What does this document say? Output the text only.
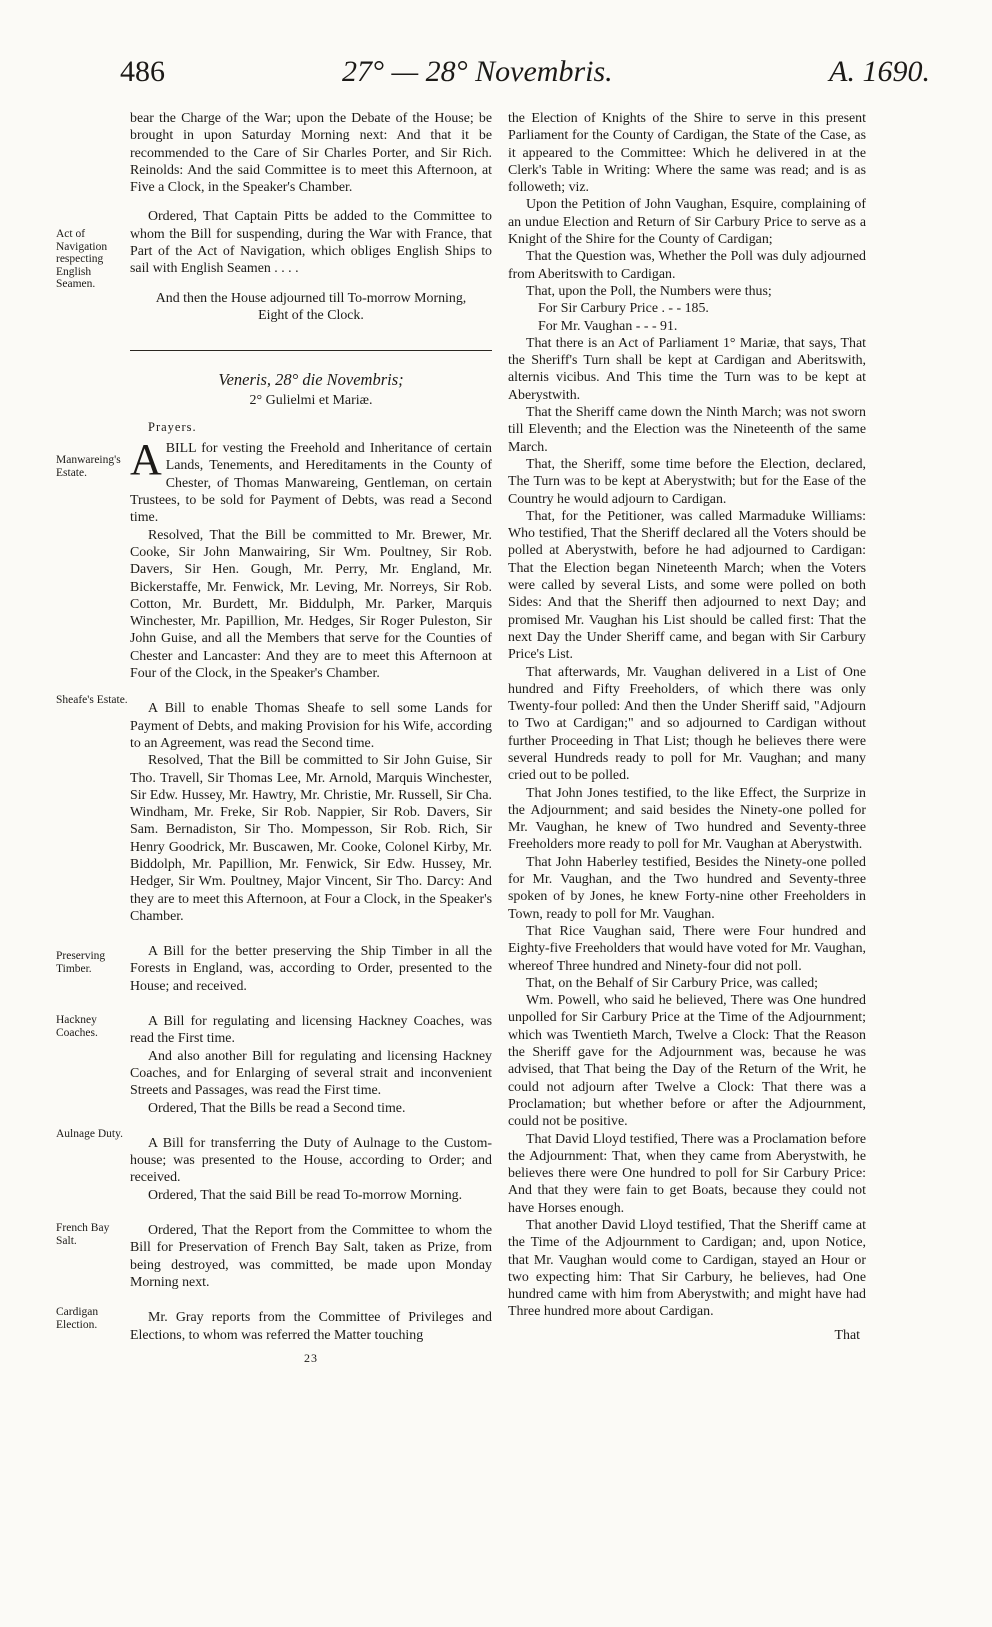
486	27° — 28° Novembris.	A. 1690.
Act of Navigation respecting English Seamen.
Manwareing's Estate.
Sheafe's Estate.
Preserving Timber.
Hackney Coaches.
Aulnage Duty.
French Bay Salt.
Cardigan Election.

bear the Charge of the War; upon the Debate of the House; be brought in upon Saturday Morning next: And that it be recommended to the Care of Sir Charles Porter, and Sir Rich. Reinolds: And the said Committee is to meet this Afternoon, at Five a Clock, in the Speaker's Chamber.

Ordered, That Captain Pitts be added to the Committee to whom the Bill for suspending, during the War with France, that Part of the Act of Navigation, which obliges English Ships to sail with English Seamen . . . .

And then the House adjourned till To-morrow Morning, Eight of the Clock.

Veneris, 28° die Novembris;
2° Gulielmi et Mariæ.

Prayers.

ABILL for vesting the Freehold and Inheritance of certain Lands, Tenements, and Hereditaments in the County of Chester, of Thomas Manwareing, Gentleman, on certain Trustees, to be sold for Payment of Debts, was read a Second time.

Resolved, That the Bill be committed to Mr. Brewer, Mr. Cooke, Sir John Manwairing, Sir Wm. Poultney, Sir Rob. Davers, Sir Hen. Gough, Mr. Perry, Mr. England, Mr. Bickerstaffe, Mr. Fenwick, Mr. Leving, Mr. Norreys, Sir Rob. Cotton, Mr. Burdett, Mr. Biddulph, Mr. Parker, Marquis Winchester, Mr. Papillion, Mr. Hedges, Sir Roger Puleston, Sir John Guise, and all the Members that serve for the Counties of Chester and Lancaster: And they are to meet this Afternoon at Four of the Clock, in the Speaker's Chamber.

A Bill to enable Thomas Sheafe to sell some Lands for Payment of Debts, and making Provision for his Wife, according to an Agreement, was read the Second time.

Resolved, That the Bill be committed to Sir John Guise, Sir Tho. Travell, Sir Thomas Lee, Mr. Arnold, Marquis Winchester, Sir Edw. Hussey, Mr. Hawtry, Mr. Christie, Mr. Russell, Sir Cha. Windham, Mr. Freke, Sir Rob. Nappier, Sir Rob. Davers, Sir Sam. Bernadiston, Sir Tho. Mompesson, Sir Rob. Rich, Sir Henry Goodrick, Mr. Buscawen, Mr. Cooke, Colonel Kirby, Mr. Biddolph, Mr. Papillion, Mr. Fenwick, Sir Edw. Hussey, Mr. Hedger, Sir Wm. Poultney, Major Vincent, Sir Tho. Darcy: And they are to meet this Afternoon, at Four a Clock, in the Speaker's Chamber.

A Bill for the better preserving the Ship Timber in all the Forests in England, was, according to Order, presented to the House; and received.

A Bill for regulating and licensing Hackney Coaches, was read the First time.

And also another Bill for regulating and licensing Hackney Coaches, and for Enlarging of several strait and inconvenient Streets and Passages, was read the First time.

Ordered, That the Bills be read a Second time.

A Bill for transferring the Duty of Aulnage to the Custom-house; was presented to the House, according to Order; and received.

Ordered, That the said Bill be read To-morrow Morning.

Ordered, That the Report from the Committee to whom the Bill for Preservation of French Bay Salt, taken as Prize, from being destroyed, was committed, be made upon Monday Morning next.

Mr. Gray reports from the Committee of Privileges and Elections, to whom was referred the Matter touching

23

the Election of Knights of the Shire to serve in this present Parliament for the County of Cardigan, the State of the Case, as it appeared to the Committee: Which he delivered in at the Clerk's Table in Writing: Where the same was read; and is as followeth; viz.

Upon the Petition of John Vaughan, Esquire, complaining of an undue Election and Return of Sir Carbury Price to serve as a Knight of the Shire for the County of Cardigan;

That the Question was, Whether the Poll was duly adjourned from Aberitswith to Cardigan.

That, upon the Poll, the Numbers were thus;

For Sir Carbury Price . - - 185.

For Mr. Vaughan - - - 91.

That there is an Act of Parliament 1° Mariæ, that says, That the Sheriff's Turn shall be kept at Cardigan and Aberitswith, alternis vicibus. And This time the Turn was to be kept at Aberystwith.

That the Sheriff came down the Ninth March; was not sworn till Eleventh; and the Election was the Nineteenth of the same March.

That, the Sheriff, some time before the Election, declared, The Turn was to be kept at Aberystwith; but for the Ease of the Country he would adjourn to Cardigan.

That, for the Petitioner, was called Marmaduke Williams: Who testified, That the Sheriff declared all the Voters should be polled at Aberystwith, before he had adjourned to Cardigan: That the Election began Nineteenth March; when the Voters were called by several Lists, and some were polled on both Sides: And that the Sheriff then adjourned to next Day; and promised Mr. Vaughan his List should be called first: That the next Day the Under Sheriff came, and began with Sir Carbury Price's List.

That afterwards, Mr. Vaughan delivered in a List of One hundred and Fifty Freeholders, of which there was only Twenty-four polled: And then the Under Sheriff said, "Adjourn to Two at Cardigan;" and so adjourned to Cardigan without further Proceeding in That List; though he believes there were several Hundreds ready to poll for Mr. Vaughan; and many cried out to be polled.

That John Jones testified, to the like Effect, the Surprize in the Adjournment; and said besides the Ninety-one polled for Mr. Vaughan, he knew of Two hundred and Seventy-three Freeholders more ready to poll for Mr. Vaughan at Aberystwith.

That John Haberley testified, Besides the Ninety-one polled for Mr. Vaughan, and the Two hundred and Seventy-three spoken of by Jones, he knew Forty-nine other Freeholders in Town, ready to poll for Mr. Vaughan.

That Rice Vaughan said, There were Four hundred and Eighty-five Freeholders that would have voted for Mr. Vaughan, whereof Three hundred and Ninety-four did not poll.

That, on the Behalf of Sir Carbury Price, was called;

Wm. Powell, who said he believed, There was One hundred unpolled for Sir Carbury Price at the Time of the Adjournment; which was Twentieth March, Twelve a Clock: That the Reason the Sheriff gave for the Adjournment was, because he was advised, that That being the Day of the Return of the Writ, he could not adjourn after Twelve a Clock: That there was a Proclamation; but whether before or after the Adjournment, could not be positive.

That David Lloyd testified, There was a Proclamation before the Adjournment: That, when they came from Aberystwith, he believes there were One hundred to poll for Sir Carbury Price: And that they were fain to get Boats, because they could not have Horses enough.

That another David Lloyd testified, That the Sheriff came at the Time of the Adjournment to Cardigan; and, upon Notice, that Mr. Vaughan would come to Cardigan, stayed an Hour or two expecting him: That Sir Carbury, he believes, had One hundred came with him from Aberystwith; and might have had Three hundred more about Cardigan.

That
